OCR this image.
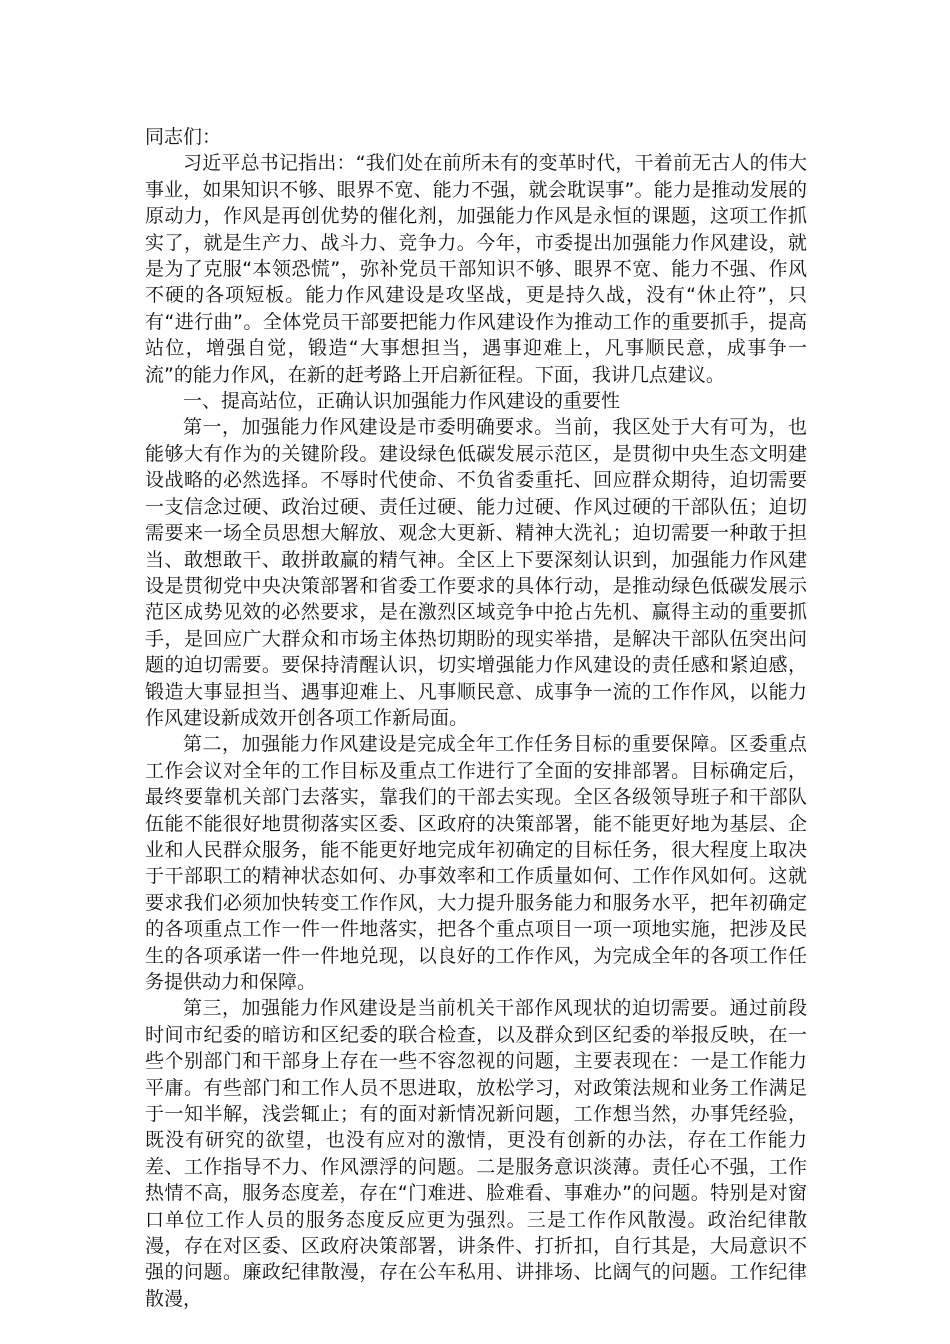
同志们：

习近平总书记指出：“我们处在前所未有的变革时代，干着前无古人的伟大事业，如果知识不够、眼界不宽、能力不强，就会耽误事”。能力是推动发展的原动力，作风是再创优势的催化剂，加强能力作风是永恒的课题，这项工作抓实了，就是生产力、战斗力、竞争力。今年，市委提出加强能力作风建设，就是为了克服“本领恐慌”，弥补党员干部知识不够、眼界不宽、能力不强、作风不硬的各项短板。能力作风建设是攻坚战，更是持久战，没有“休止符”，只有“进行曲”。全体党员干部要把能力作风建设作为推动工作的重要抓手，提高站位，增强自觉，锻造“大事想担当，遇事迎难上，凡事顺民意，成事争一流”的能力作风，在新的赶考路上开启新征程。下面，我讲几点建议。

一、提高站位，正确认识加强能力作风建设的重要性

第一，加强能力作风建设是市委明确要求。当前，我区处于大有可为，也能够大有作为的关键阶段。建设绿色低碳发展示范区，是贯彻中央生态文明建设战略的必然选择。不辱时代使命、不负省委重托、回应群众期待，迫切需要一支信念过硬、政治过硬、责任过硬、能力过硬、作风过硬的干部队伍；迫切需要来一场全员思想大解放、观念大更新、精神大洗礼；迫切需要一种敢于担当、敢想敢干、敢拼敢赢的精气神。全区上下要深刻认识到，加强能力作风建设是贯彻党中央决策部署和省委工作要求的具体行动，是推动绿色低碳发展示范区成势见效的必然要求，是在激烈区域竞争中抢占先机、赢得主动的重要抓手，是回应广大群众和市场主体热切期盼的现实举措，是解决干部队伍突出问题的迫切需要。要保持清醒认识，切实增强能力作风建设的责任感和紧迫感，锻造大事显担当、遇事迎难上、凡事顺民意、成事争一流的工作作风，以能力作风建设新成效开创各项工作新局面。

第二，加强能力作风建设是完成全年工作任务目标的重要保障。区委重点工作会议对全年的工作目标及重点工作进行了全面的安排部署。目标确定后，最终要靠机关部门去落实，靠我们的干部去实现。全区各级领导班子和干部队伍能不能很好地贯彻落实区委、区政府的决策部署，能不能更好地为基层、企业和人民群众服务，能不能更好地完成年初确定的目标任务，很大程度上取决于干部职工的精神状态如何、办事效率和工作质量如何、工作作风如何。这就要求我们必须加快转变工作作风，大力提升服务能力和服务水平，把年初确定的各项重点工作一件一件地落实，把各个重点项目一项一项地实施，把涉及民生的各项承诺一件一件地兑现，以良好的工作作风，为完成全年的各项工作任务提供动力和保障。

第三，加强能力作风建设是当前机关干部作风现状的迫切需要。通过前段时间市纪委的暗访和区纪委的联合检查，以及群众到区纪委的举报反映，在一些个别部门和干部身上存在一些不容忽视的问题，主要表现在：一是工作能力平庸。有些部门和工作人员不思进取，放松学习，对政策法规和业务工作满足于一知半解，浅尝辄止；有的面对新情况新问题，工作想当然，办事凭经验，既没有研究的欲望，也没有应对的激情，更没有创新的办法，存在工作能力差、工作指导不力、作风漂浮的问题。二是服务意识淡薄。责任心不强，工作热情不高，服务态度差，存在“门难进、脸难看、事难办”的问题。特别是对窗口单位工作人员的服务态度反应更为强烈。三是工作作风散漫。政治纪律散漫，存在对区委、区政府决策部署，讲条件、打折扣，自行其是，大局意识不强的问题。廉政纪律散漫，存在公车私用、讲排场、比阔气的问题。工作纪律散漫，
